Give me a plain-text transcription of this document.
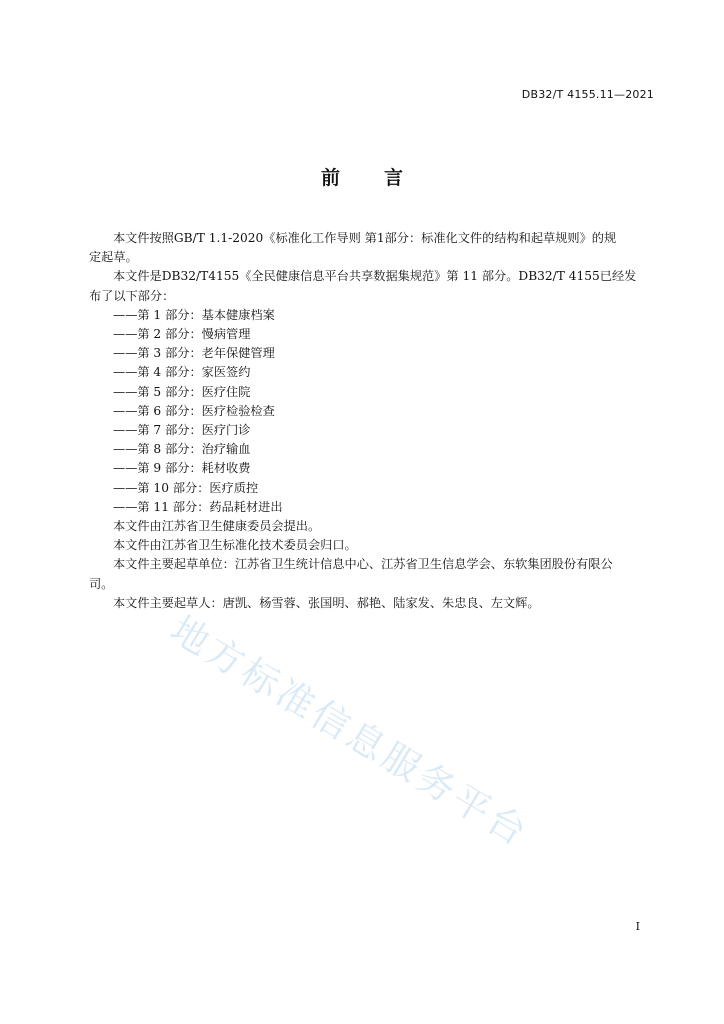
DB32/T 4155.11—2021
前 言
本文件按照GB/T 1.1-2020《标准化工作导则 第1部分：标准化文件的结构和起草规则》的规
定起草。
本文件是DB32/T4155《全民健康信息平台共享数据集规范》第 11 部分。DB32/T 4155已经发
布了以下部分：
——第 1 部分：基本健康档案
——第 2 部分：慢病管理
——第 3 部分：老年保健管理
——第 4 部分：家医签约
——第 5 部分：医疗住院
——第 6 部分：医疗检验检查
——第 7 部分：医疗门诊
——第 8 部分：治疗输血
——第 9 部分：耗材收费
——第 10 部分：医疗质控
——第 11 部分：药品耗材进出
本文件由江苏省卫生健康委员会提出。
本文件由江苏省卫生标准化技术委员会归口。
本文件主要起草单位：江苏省卫生统计信息中心、江苏省卫生信息学会、东软集团股份有限公
司。
本文件主要起草人：唐凯、杨雪蓉、张国明、郝艳、陆家发、朱忠良、左文辉。
地方标准信息服务平台
I
